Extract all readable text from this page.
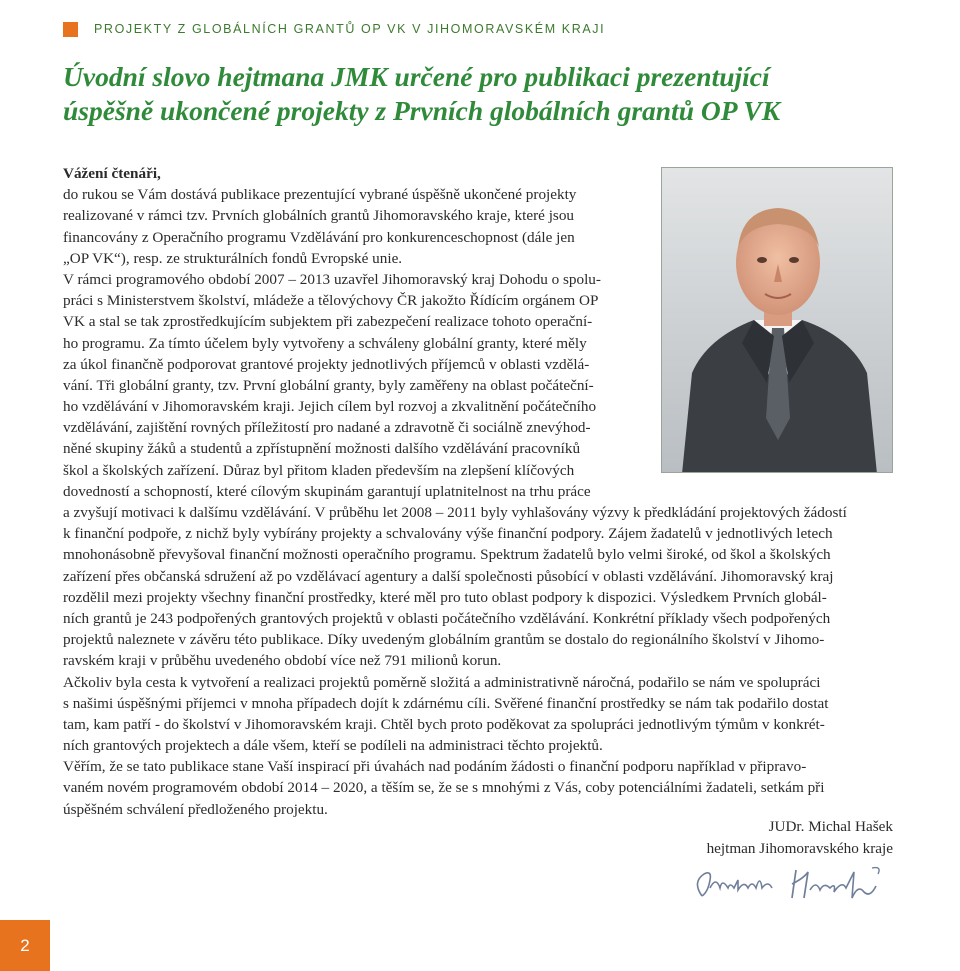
PROJEKTY Z GLOBÁLNÍCH GRANTŮ OP VK V JIHOMORAVSKÉM KRAJI
Úvodní slovo hejtmana JMK určené pro publikaci prezentující
úspěšně ukončené projekty z Prvních globálních grantů OP VK
Vážení čtenáři,
do rukou se Vám dostává publikace prezentující vybrané úspěšně ukončené projekty
realizované v rámci tzv. Prvních globálních grantů Jihomoravského kraje, které jsou
financovány z Operačního programu Vzdělávání pro konkurenceschopnost (dále jen
„OP VK“), resp. ze strukturálních fondů Evropské unie.
V rámci programového období 2007 – 2013 uzavřel Jihomoravský kraj Dohodu o spolu-
práci s Ministerstvem školství, mládeže a tělovýchovy ČR jakožto Řídícím orgánem OP
VK a stal se tak zprostředkujícím subjektem při zabezpečení realizace tohoto operační-
ho programu. Za tímto účelem byly vytvořeny a schváleny globální granty, které měly
za úkol finančně podporovat grantové projekty jednotlivých příjemců v oblasti vzdělá-
vání. Tři globální granty, tzv. První globální granty, byly zaměřeny na oblast počáteční-
ho vzdělávání v Jihomoravském kraji. Jejich cílem byl rozvoj a zkvalitnění počátečního
vzdělávání, zajištění rovných příležitostí pro nadané a zdravotně či sociálně znevýhod-
něné skupiny žáků a studentů a zpřístupnění možnosti dalšího vzdělávání pracovníků
škol a školských zařízení. Důraz byl přitom kladen především na zlepšení klíčových
dovedností a schopností, které cílovým skupinám garantují uplatnitelnost na trhu práce
a zvyšují motivaci k dalšímu vzdělávání. V průběhu let 2008 – 2011 byly vyhlašovány výzvy k předkládání projektových žádostí
k finanční podpoře, z nichž byly vybírány projekty a schvalovány výše finanční podpory. Zájem žadatelů v jednotlivých letech
mnohonásobně převyšoval finanční možnosti operačního programu. Spektrum žadatelů bylo velmi široké, od škol a školských
zařízení přes občanská sdružení až po vzdělávací agentury a další společnosti působící v oblasti vzdělávání. Jihomoravský kraj
rozdělil mezi projekty všechny finanční prostředky, které měl pro tuto oblast podpory k dispozici. Výsledkem Prvních globál-
ních grantů je 243 podpořených grantových projektů v oblasti počátečního vzdělávání. Konkrétní příklady všech podpořených
projektů naleznete v závěru této publikace. Díky uvedeným globálním grantům se dostalo do regionálního školství v Jihomo-
ravském kraji v průběhu uvedeného období více než 791 milionů korun.
Ačkoliv byla cesta k vytvoření a realizaci projektů poměrně složitá a administrativně náročná, podařilo se nám ve spolupráci
s našimi úspěšnými příjemci v mnoha případech dojít k zdárnému cíli. Svěřené finanční prostředky se nám tak podařilo dostat
tam, kam patří - do školství v Jihomoravském kraji. Chtěl bych proto poděkovat za spolupráci jednotlivým týmům v konkrét-
ních grantových projektech a dále všem, kteří se podíleli na administraci těchto projektů.
Věřím, že se tato publikace stane Vaší inspirací při úvahách nad podáním žádosti o finanční podporu například v připravo-
vaném novém programovém období 2014 – 2020, a těším se, že se s mnohými z Vás, coby potenciálními žadateli, setkám při
úspěšném schválení předloženého projektu.
JUDr. Michal Hašek
hejtman Jihomoravského kraje
2
